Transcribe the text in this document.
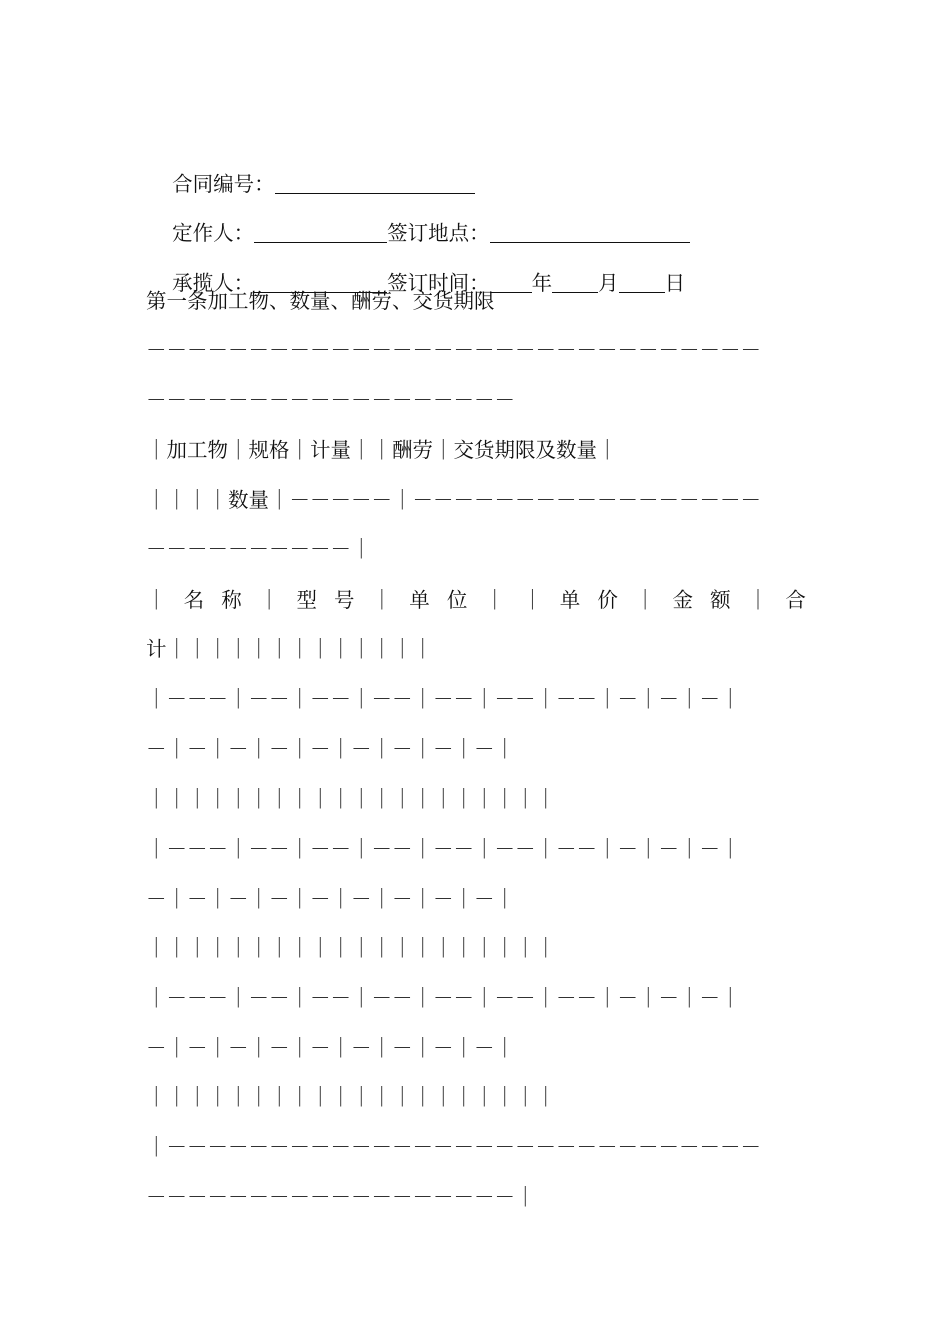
合同编号：

定作人：	签订地点：

承揽人：	签订时间： 年 月 日

第一条加工物、数量、酬劳、交货期限
－－－－－－－－－－－－－－－－－－－－－－－－－－－－－－
－－－－－－－－－－－－－－－－－－
｜加工物｜规格｜计量｜｜酬劳｜交货期限及数量｜
｜｜｜｜数量｜－－－－－｜－－－－－－－－－－－－－－－－－
－－－－－－－－－－｜
｜ 名 称 ｜ 型 号 ｜ 单 位 ｜ ｜ 单 价 ｜ 金 额 ｜ 合
计｜｜｜｜｜｜｜｜｜｜｜｜｜
｜－－－｜－－｜－－｜－－｜－－｜－－｜－－｜－｜－｜－｜
－｜－｜－｜－｜－｜－｜－｜－｜－｜
｜｜｜｜｜｜｜｜｜｜｜｜｜｜｜｜｜｜｜｜
｜－－－｜－－｜－－｜－－｜－－｜－－｜－－｜－｜－｜－｜
－｜－｜－｜－｜－｜－｜－｜－｜－｜
｜｜｜｜｜｜｜｜｜｜｜｜｜｜｜｜｜｜｜｜
｜－－－｜－－｜－－｜－－｜－－｜－－｜－－｜－｜－｜－｜
－｜－｜－｜－｜－｜－｜－｜－｜－｜
｜｜｜｜｜｜｜｜｜｜｜｜｜｜｜｜｜｜｜｜
｜－－－－－－－－－－－－－－－－－－－－－－－－－－－－－
－－－－－－－－－－－－－－－－－－｜
